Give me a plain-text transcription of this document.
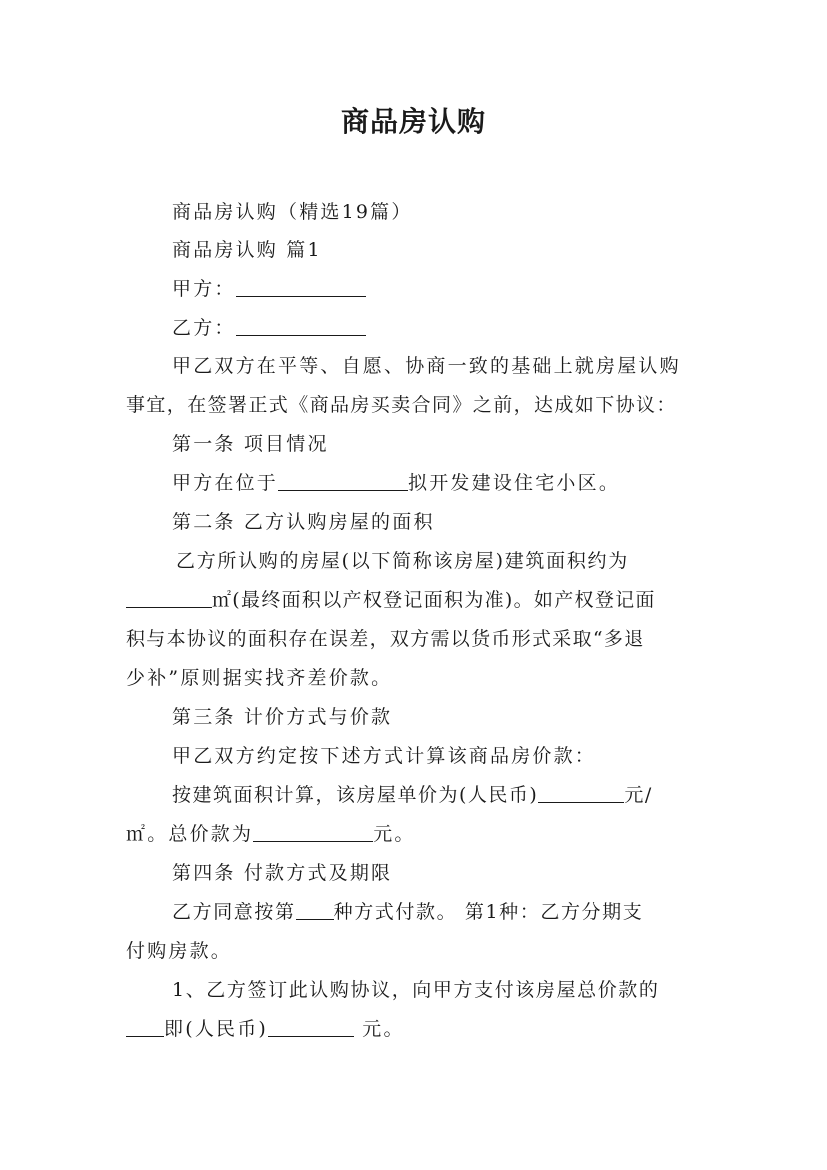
商品房认购
商品房认购（精选19篇）
商品房认购 篇1
甲方：
乙方：
甲乙双方在平等、自愿、协商一致的基础上就房屋认购
事宜，在签署正式《商品房买卖合同》之前，达成如下协议：
第一条 项目情况
甲方在位于	拟开发建设住宅小区。
第二条 乙方认购房屋的面积
乙方所认购的房屋(以下简称该房屋)建筑面积约为
㎡(最终面积以产权登记面积为准)。如产权登记面
积与本协议的面积存在误差，双方需以货币形式采取“多退
少补”原则据实找齐差价款。
第三条 计价方式与价款
甲乙双方约定按下述方式计算该商品房价款：
按建筑面积计算，该房屋单价为(人民币)	元/
㎡。总价款为	元。
第四条 付款方式及期限
乙方同意按第 种方式付款。 第1种：乙方分期支
付购房款。
1、乙方签订此认购协议，向甲方支付该房屋总价款的
即(人民币)	元。
